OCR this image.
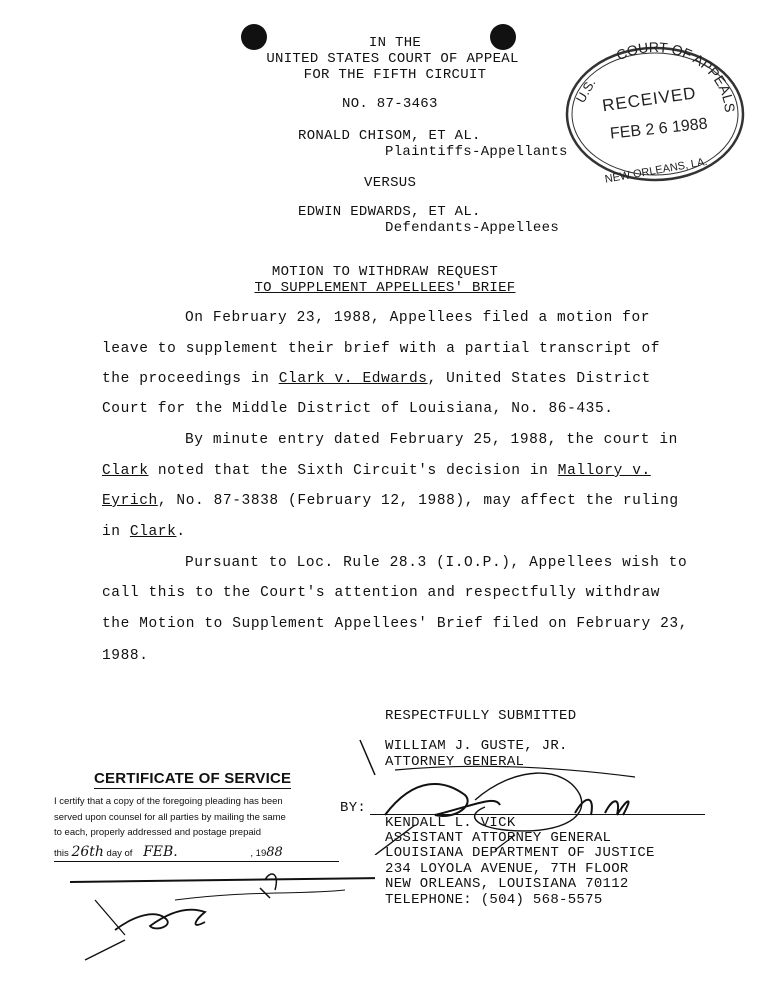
IN THE
UNITED STATES COURT OF APPEAL
FOR THE FIFTH CIRCUIT
NO. 87-3463
RONALD CHISOM, ET AL.
Plaintiffs-Appellants
VERSUS
EDWIN EDWARDS, ET AL.
Defendants-Appellees
COURT OF APPEALS
U.S. RECEIVED
FEB 2 6 1988
NEW ORLEANS, LA.
MOTION TO WITHDRAW REQUEST
TO SUPPLEMENT APPELLEES' BRIEF
On February 23, 1988, Appellees filed a motion for
leave to supplement their brief with a partial transcript of
the proceedings in Clark v. Edwards, United States District
Court for the Middle District of Louisiana, No. 86-435.
By minute entry dated February 25, 1988, the court in
Clark noted that the Sixth Circuit's decision in Mallory v.
Eyrich, No. 87-3838 (February 12, 1988), may affect the ruling
in Clark.
Pursuant to Loc. Rule 28.3 (I.O.P.), Appellees wish to
call this to the Court's attention and respectfully withdraw
the Motion to Supplement Appellees' Brief filed on February 23,
1988.
RESPECTFULLY SUBMITTED
WILLIAM J. GUSTE, JR.
ATTORNEY GENERAL
BY:
KENDALL L. VICK
ASSISTANT ATTORNEY GENERAL
LOUISIANA DEPARTMENT OF JUSTICE
234 LOYOLA AVENUE, 7TH FLOOR
NEW ORLEANS, LOUISIANA 70112
TELEPHONE: (504) 568-5575
CERTIFICATE OF SERVICE
I certify that a copy of the foregoing pleading has been
served upon counsel for all parties by mailing the same
to each, properly addressed and postage prepaid
this 26th day of FEB.	, 1988
